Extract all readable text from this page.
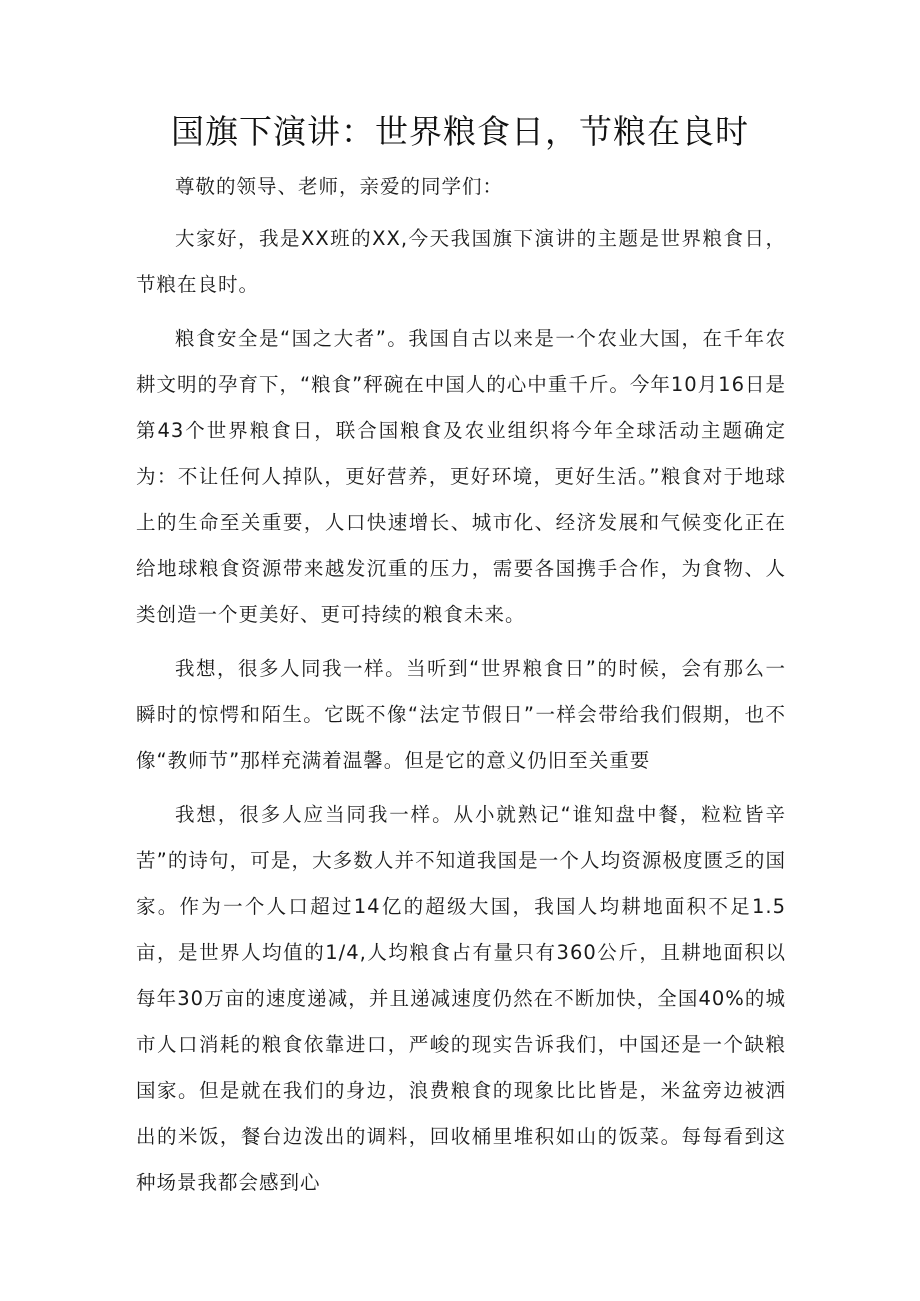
国旗下演讲：世界粮食日，节粮在良时

尊敬的领导、老师，亲爱的同学们：

大家好，我是XX班的XX,今天我国旗下演讲的主题是世界粮食日，节粮在良时。

粮食安全是“国之大者”。我国自古以来是一个农业大国，在千年农耕文明的孕育下，“粮食”秤碗在中国人的心中重千斤。今年10月16日是第43个世界粮食日，联合国粮食及农业组织将今年全球活动主题确定为：不让任何人掉队，更好营养，更好环境，更好生活。”粮食对于地球上的生命至关重要，人口快速增长、城市化、经济发展和气候变化正在给地球粮食资源带来越发沉重的压力，需要各国携手合作，为食物、人类创造一个更美好、更可持续的粮食未来。

我想，很多人同我一样。当听到“世界粮食日”的时候，会有那么一瞬时的惊愕和陌生。它既不像“法定节假日”一样会带给我们假期，也不像“教师节”那样充满着温馨。但是它的意义仍旧至关重要

我想，很多人应当同我一样。从小就熟记“谁知盘中餐，粒粒皆辛苦”的诗句，可是，大多数人并不知道我国是一个人均资源极度匮乏的国家。作为一个人口超过14亿的超级大国，我国人均耕地面积不足1.5亩，是世界人均值的1/4,人均粮食占有量只有360公斤，且耕地面积以每年30万亩的速度递减，并且递减速度仍然在不断加快，全国40%的城市人口消耗的粮食依靠进口，严峻的现实告诉我们，中国还是一个缺粮国家。但是就在我们的身边，浪费粮食的现象比比皆是，米盆旁边被洒出的米饭，餐台边泼出的调料，回收桶里堆积如山的饭菜。每每看到这种场景我都会感到心
